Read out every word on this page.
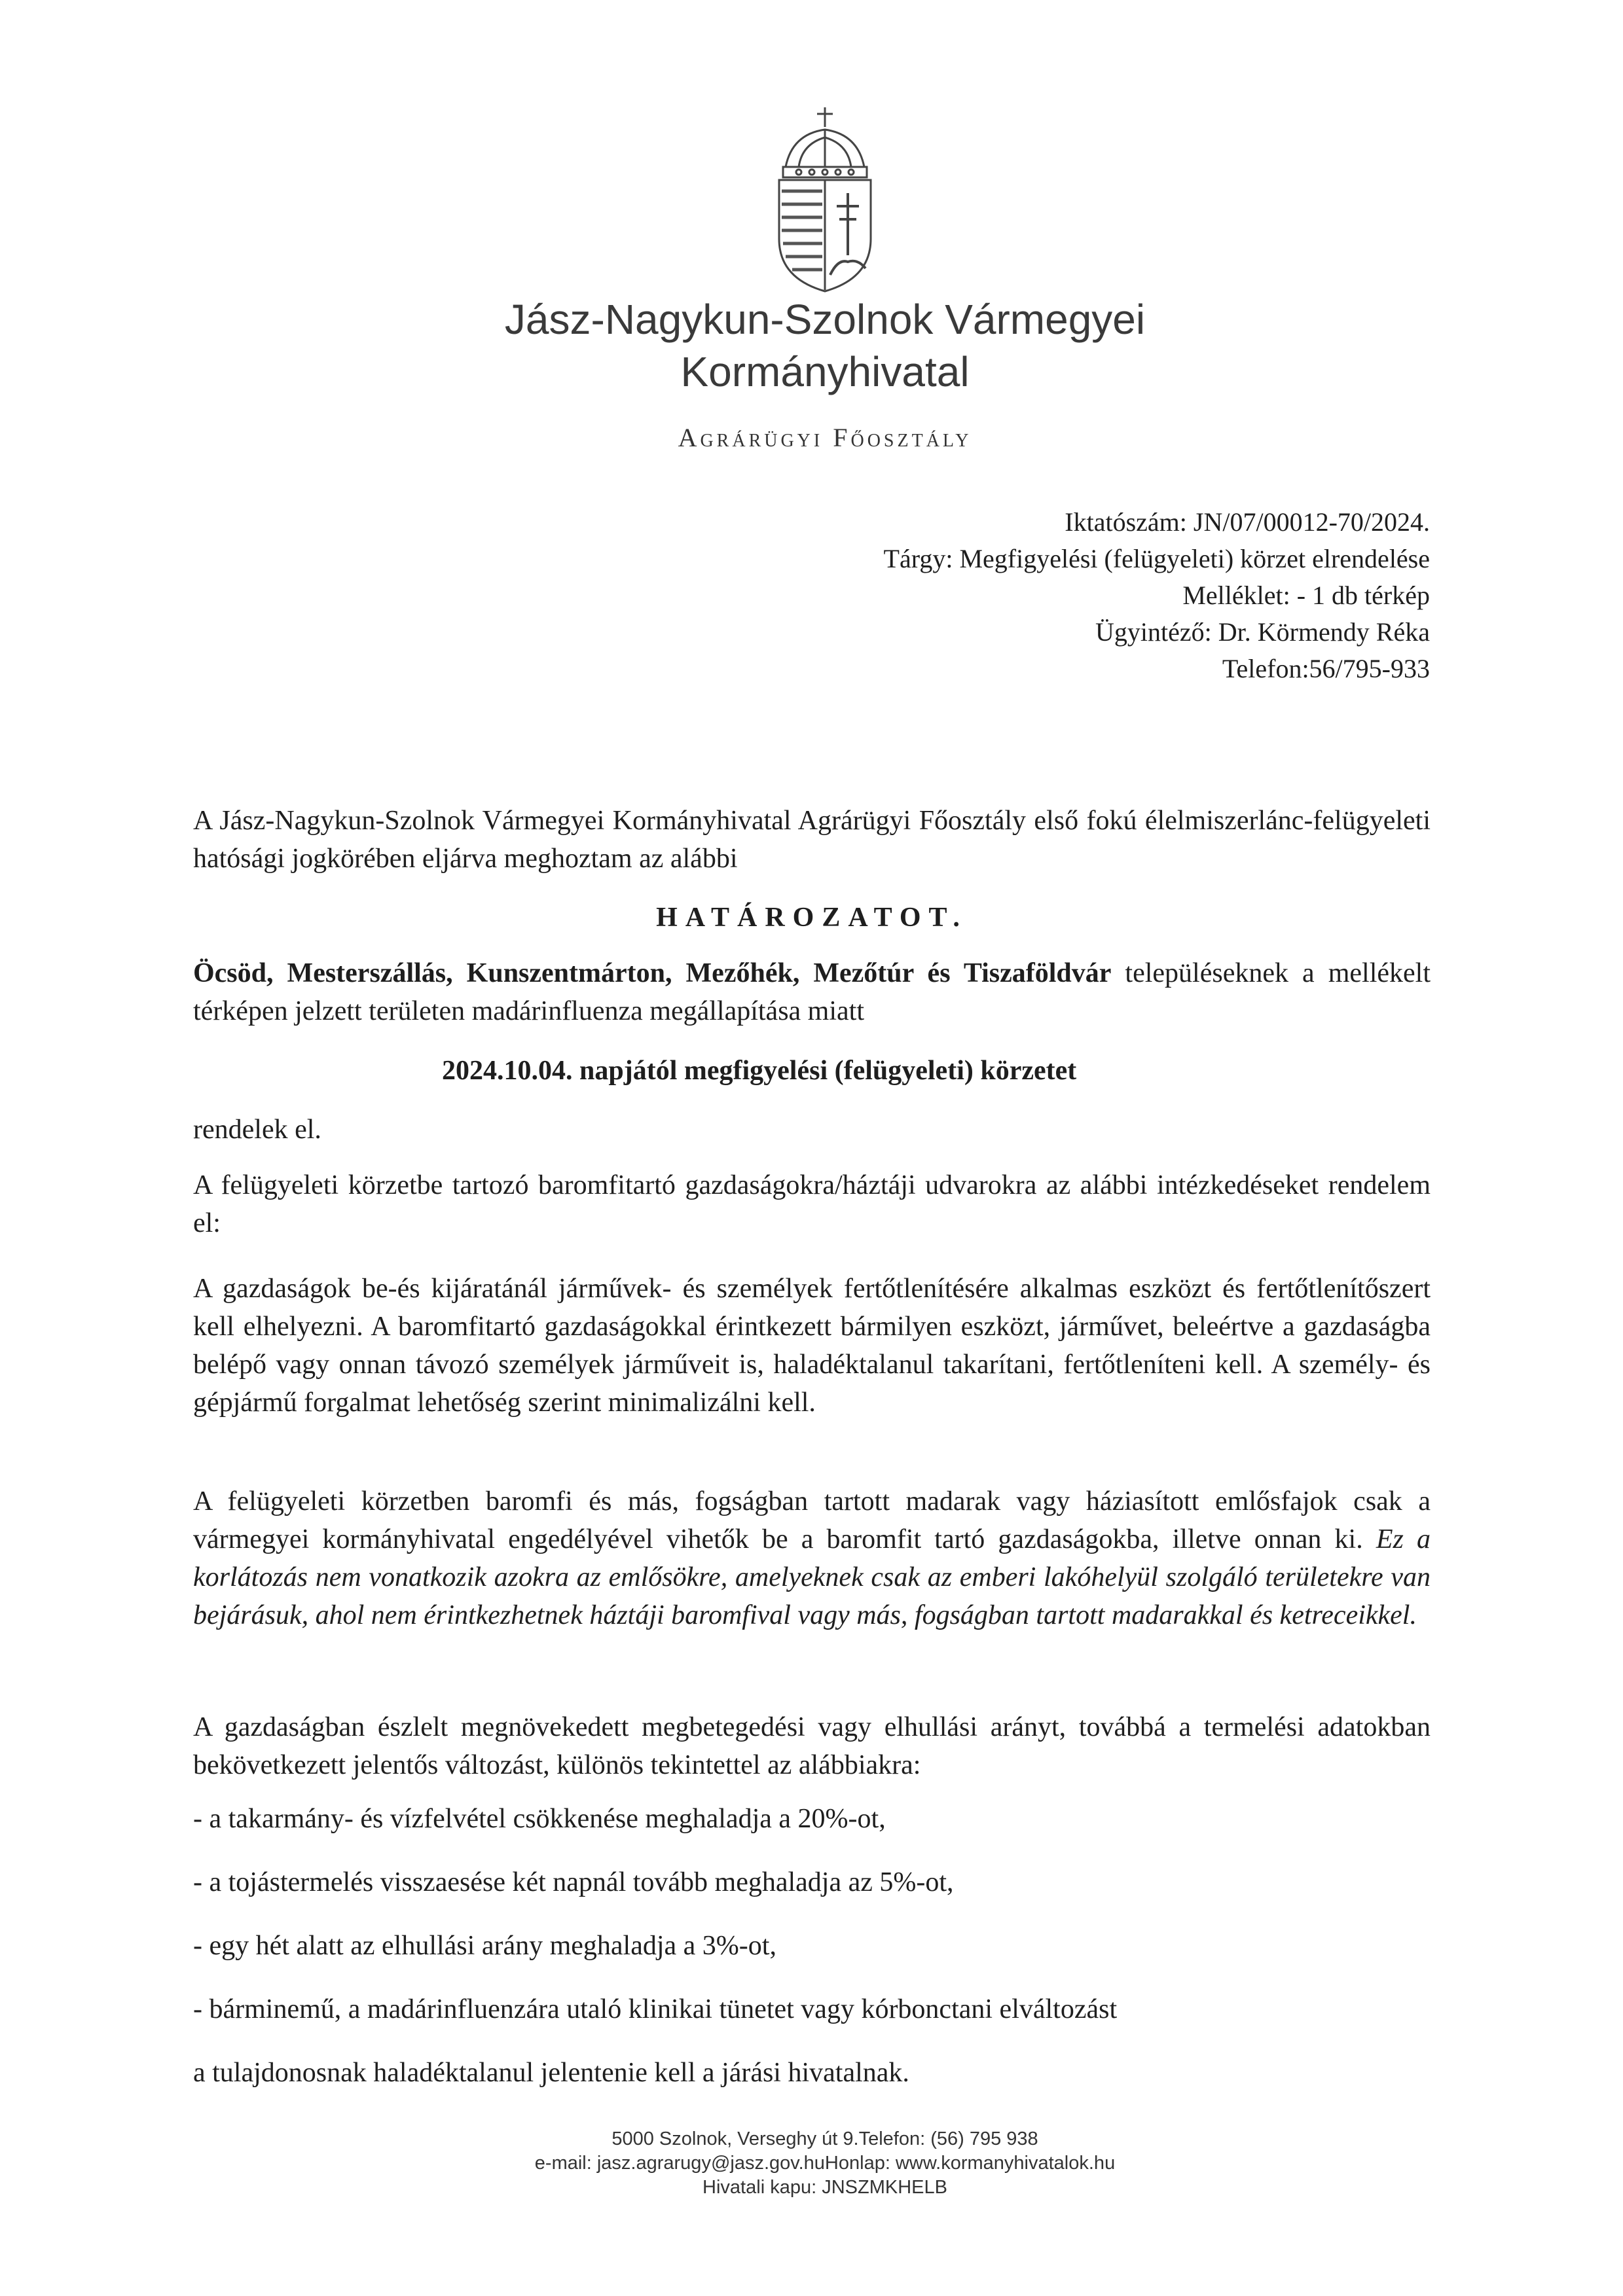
Jász-Nagykun-Szolnok Vármegyei
Kormányhivatal
Agrárügyi Főosztály
Iktatószám: JN/07/00012-70/2024.
Tárgy: Megfigyelési (felügyeleti) körzet elrendelése
Melléklet: - 1 db térkép
Ügyintéző: Dr. Körmendy Réka
Telefon:56/795-933
A Jász-Nagykun-Szolnok Vármegyei Kormányhivatal Agrárügyi Főosztály első fokú élelmiszerlánc-felügyeleti hatósági jogkörében eljárva meghoztam az alábbi
HATÁROZATOT.
Öcsöd, Mesterszállás, Kunszentmárton, Mezőhék, Mezőtúr és Tiszaföldvár településeknek a mellékelt térképen jelzett területen madárinfluenza megállapítása miatt
2024.10.04. napjától megfigyelési (felügyeleti) körzetet
rendelek el.
A felügyeleti körzetbe tartozó baromfitartó gazdaságokra/háztáji udvarokra az alábbi intézkedéseket rendelem el:
A gazdaságok be-és kijáratánál járművek- és személyek fertőtlenítésére alkalmas eszközt és fertőtlenítőszert kell elhelyezni. A baromfitartó gazdaságokkal érintkezett bármilyen eszközt, járművet, beleértve a gazdaságba belépő vagy onnan távozó személyek járműveit is, haladéktalanul takarítani, fertőtleníteni kell. A személy- és gépjármű forgalmat lehetőség szerint minimalizálni kell.
A felügyeleti körzetben baromfi és más, fogságban tartott madarak vagy háziasított emlősfajok csak a vármegyei kormányhivatal engedélyével vihetők be a baromfit tartó gazdaságokba, illetve onnan ki. Ez a korlátozás nem vonatkozik azokra az emlősökre, amelyeknek csak az emberi lakóhelyül szolgáló területekre van bejárásuk, ahol nem érintkezhetnek háztáji baromfival vagy más, fogságban tartott madarakkal és ketreceikkel.
A gazdaságban észlelt megnövekedett megbetegedési vagy elhullási arányt, továbbá a termelési adatokban bekövetkezett jelentős változást, különös tekintettel az alábbiakra:
- a takarmány- és vízfelvétel csökkenése meghaladja a 20%-ot,
- a tojástermelés visszaesése két napnál tovább meghaladja az 5%-ot,
- egy hét alatt az elhullási arány meghaladja a 3%-ot,
- bárminemű, a madárinfluenzára utaló klinikai tünetet vagy kórbonctani elváltozást
a tulajdonosnak haladéktalanul jelentenie kell a járási hivatalnak.
5000 Szolnok, Verseghy út 9.Telefon: (56) 795 938
e-mail: jasz.agrarugy@jasz.gov.huHonlap: www.kormanyhivatalok.hu
Hivatali kapu: JNSZMKHELB
